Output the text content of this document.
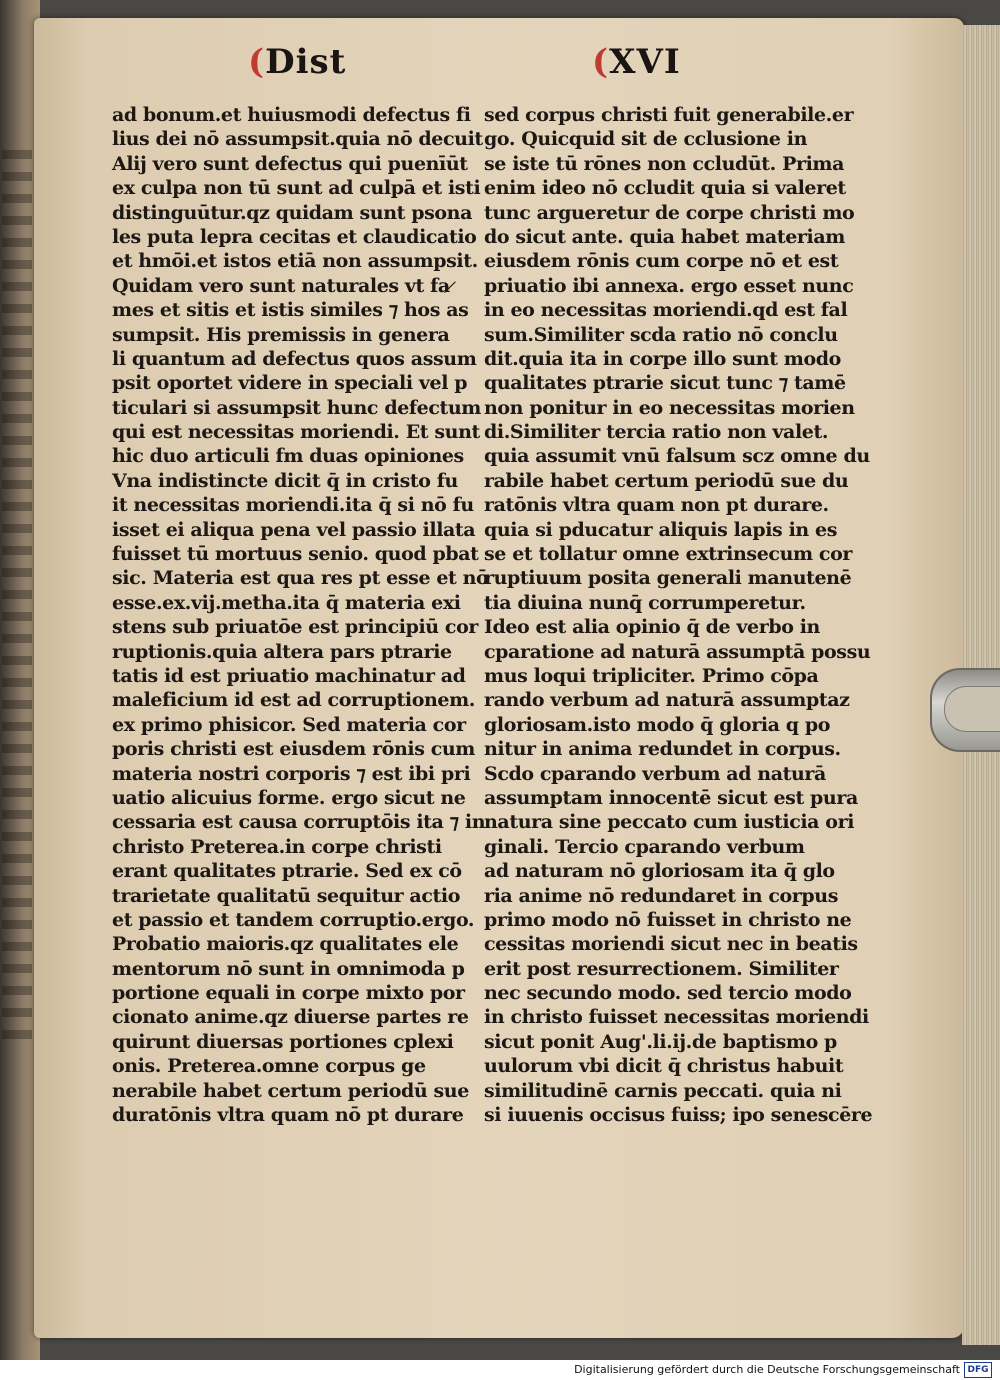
(Dist	(XVI
ad bonum.et huiusmodi defectus fi
lius dei nō assumpsit.quia nō decuit
Alij vero sunt defectus qui puenīūt
ex culpa non tū sunt ad culpā et isti
distinguūtur.qz quidam sunt psona
les puta lepra cecitas et claudicatio
et hmōi.et istos etiā non assumpsit.
Quidam vero sunt naturales vt fa ̷
mes et sitis et istis similes ⁊ hos as
sumpsit. His premissis in genera
li quantum ad defectus quos assum
psit oportet videre in speciali vel p
ticulari si assumpsit hunc defectum
qui est necessitas moriendi. Et sunt
hic duo articuli fm duas opiniones
Vna indistincte dicit q̄ in cristo fu
it necessitas moriendi.ita q̄ si nō fu
isset ei aliqua pena vel passio illata
fuisset tū mortuus senio. quod pbat
sic. Materia est qua res pt esse et nō
esse.ex.vij.metha.ita q̄ materia exi
stens sub priuatōe est principiū cor
ruptionis.quia altera pars ptrarie
tatis id est priuatio machinatur ad
maleficium id est ad corruptionem.
ex primo phisicor. Sed materia cor
poris christi est eiusdem rōnis cum
materia nostri corporis ⁊ est ibi pri
uatio alicuius forme. ergo sicut ne
cessaria est causa corruptōis ita ⁊ in
christo Preterea.in corpe christi
erant qualitates ptrarie. Sed ex cō
trarietate qualitatū sequitur actio
et passio et tandem corruptio.ergo.
Probatio maioris.qz qualitates ele
mentorum nō sunt in omnimoda p
portione equali in corpe mixto por
cionato anime.qz diuerse partes re
quirunt diuersas portiones cplexi
onis. Preterea.omne corpus ge
nerabile habet certum periodū sue
duratōnis vltra quam nō pt durare
sed corpus christi fuit generabile.er
go. Quicquid sit de cclusione in
se iste tū rōnes non ccludūt. Prima
enim ideo nō ccludit quia si valeret
tunc argueretur de corpe christi mo
do sicut ante. quia habet materiam
eiusdem rōnis cum corpe nō et est
priuatio ibi annexa. ergo esset nunc
in eo necessitas moriendi.qd est fal
sum.Similiter scda ratio nō conclu
dit.quia ita in corpe illo sunt modo
qualitates ptrarie sicut tunc ⁊ tamē
non ponitur in eo necessitas morien
di.Similiter tercia ratio non valet.
quia assumit vnū falsum scz omne du
rabile habet certum periodū sue du
ratōnis vltra quam non pt durare.
quia si pducatur aliquis lapis in es
se et tollatur omne extrinsecum cor
ruptiuum posita generali manutenē
tia diuina nunq̄ corrumperetur.
Ideo est alia opinio q̄ de verbo in
cparatione ad naturā assumptā possu
mus loqui tripliciter. Primo cōpa
rando verbum ad naturā assumptaz
gloriosam.isto modo q̄ gloria q po
nitur in anima redundet in corpus.
Scdo cparando verbum ad naturā
assumptam innocentē sicut est pura
natura sine peccato cum iusticia ori
ginali. Tercio cparando verbum
ad naturam nō gloriosam ita q̄ glo
ria anime nō redundaret in corpus
primo modo nō fuisset in christo ne
cessitas moriendi sicut nec in beatis
erit post resurrectionem. Similiter
nec secundo modo. sed tercio modo
in christo fuisset necessitas moriendi
sicut ponit Aug'.li.ij.de baptismo p
uulorum vbi dicit q̄ christus habuit
similitudinē carnis peccati. quia ni
si iuuenis occisus fuiss; ipo senescēre
Digitalisierung gefördert durch die Deutsche Forschungsgemeinschaft DFG
